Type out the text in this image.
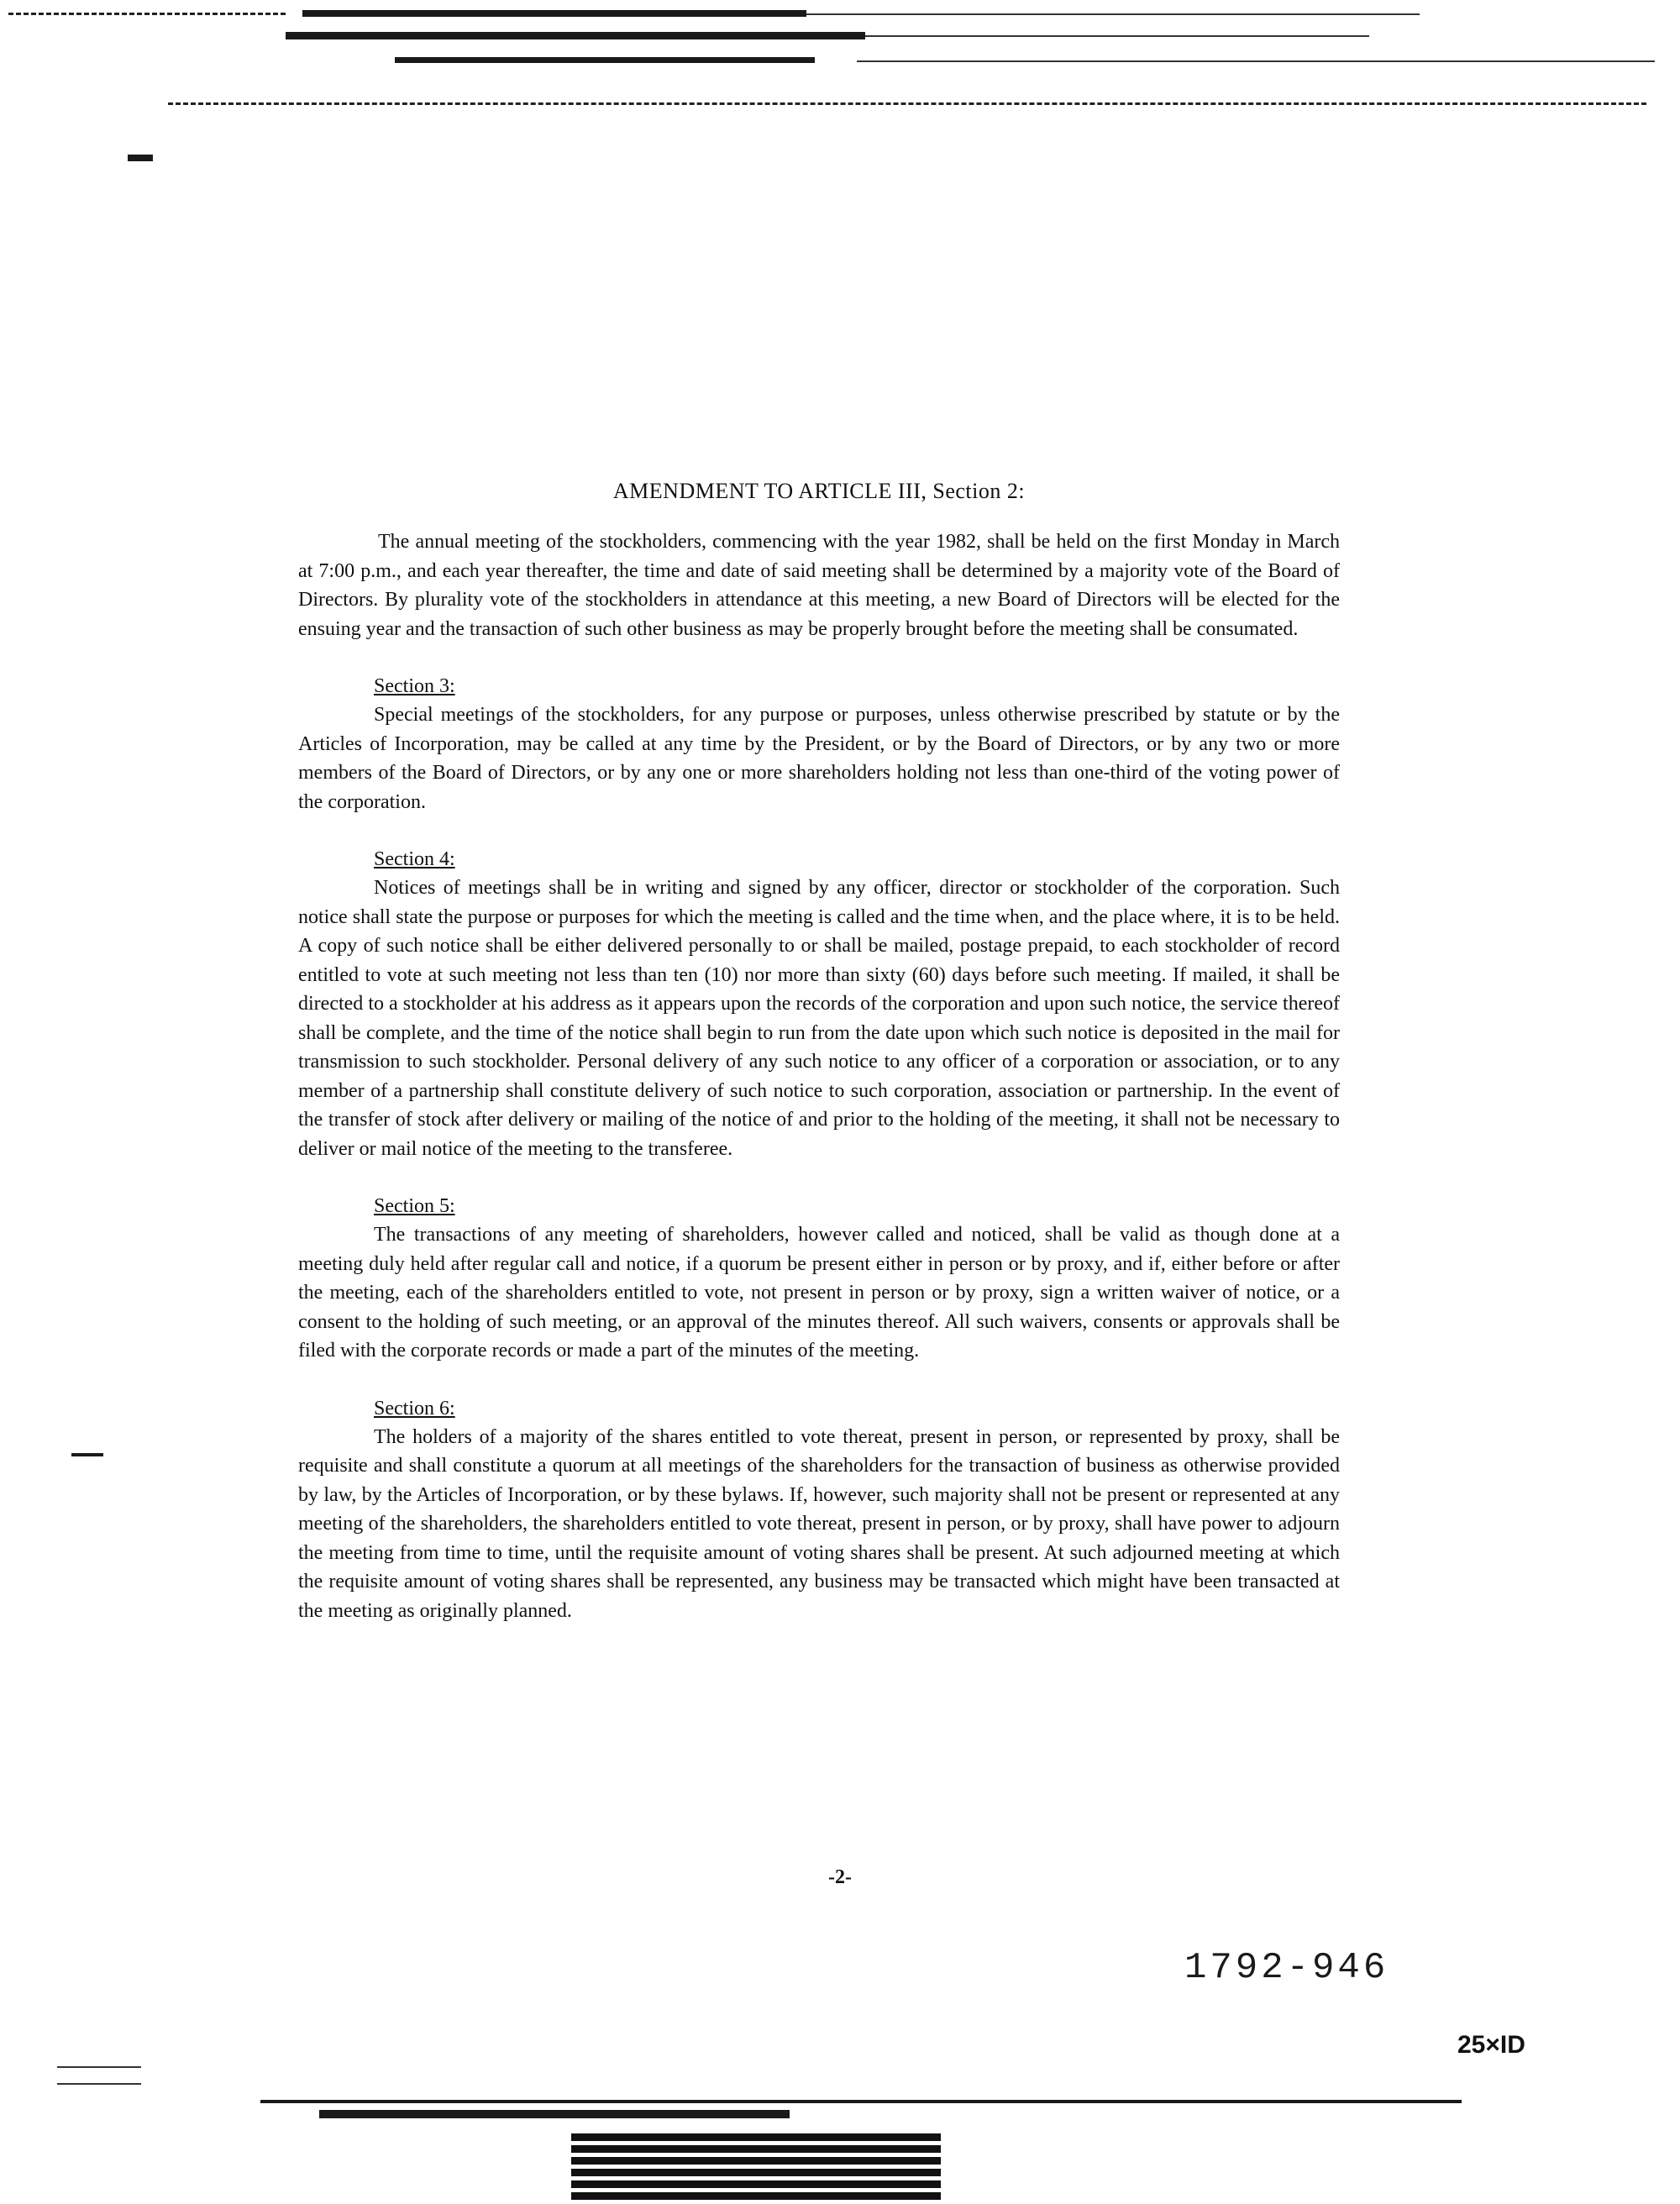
AMENDMENT TO ARTICLE III, Section 2:

The annual meeting of the stockholders, commencing with the year 1982, shall be held on the first Monday in March at 7:00 p.m., and each year thereafter, the time and date of said meeting shall be determined by a majority vote of the Board of Directors. By plurality vote of the stockholders in attendance at this meeting, a new Board of Directors will be elected for the ensuing year and the transaction of such other business as may be properly brought before the meeting shall be consumated.

Section 3:

Special meetings of the stockholders, for any purpose or purposes, unless otherwise prescribed by statute or by the Articles of Incorporation, may be called at any time by the President, or by the Board of Directors, or by any two or more members of the Board of Directors, or by any one or more shareholders holding not less than one-third of the voting power of the corporation.

Section 4:

Notices of meetings shall be in writing and signed by any officer, director or stockholder of the corporation. Such notice shall state the purpose or purposes for which the meeting is called and the time when, and the place where, it is to be held. A copy of such notice shall be either delivered personally to or shall be mailed, postage prepaid, to each stockholder of record entitled to vote at such meeting not less than ten (10) nor more than sixty (60) days before such meeting. If mailed, it shall be directed to a stockholder at his address as it appears upon the records of the corporation and upon such notice, the service thereof shall be complete, and the time of the notice shall begin to run from the date upon which such notice is deposited in the mail for transmission to such stockholder. Personal delivery of any such notice to any officer of a corporation or association, or to any member of a partnership shall constitute delivery of such notice to such corporation, association or partnership. In the event of the transfer of stock after delivery or mailing of the notice of and prior to the holding of the meeting, it shall not be necessary to deliver or mail notice of the meeting to the transferee.

Section 5:

The transactions of any meeting of shareholders, however called and noticed, shall be valid as though done at a meeting duly held after regular call and notice, if a quorum be present either in person or by proxy, and if, either before or after the meeting, each of the shareholders entitled to vote, not present in person or by proxy, sign a written waiver of notice, or a consent to the holding of such meeting, or an approval of the minutes thereof. All such waivers, consents or approvals shall be filed with the corporate records or made a part of the minutes of the meeting.

Section 6:

The holders of a majority of the shares entitled to vote thereat, present in person, or represented by proxy, shall be requisite and shall constitute a quorum at all meetings of the shareholders for the transaction of business as otherwise provided by law, by the Articles of Incorporation, or by these bylaws. If, however, such majority shall not be present or represented at any meeting of the shareholders, the shareholders entitled to vote thereat, present in person, or by proxy, shall have power to adjourn the meeting from time to time, until the requisite amount of voting shares shall be present. At such adjourned meeting at which the requisite amount of voting shares shall be represented, any business may be transacted which might have been transacted at the meeting as originally planned.

-2-
1792-946
25×ID
